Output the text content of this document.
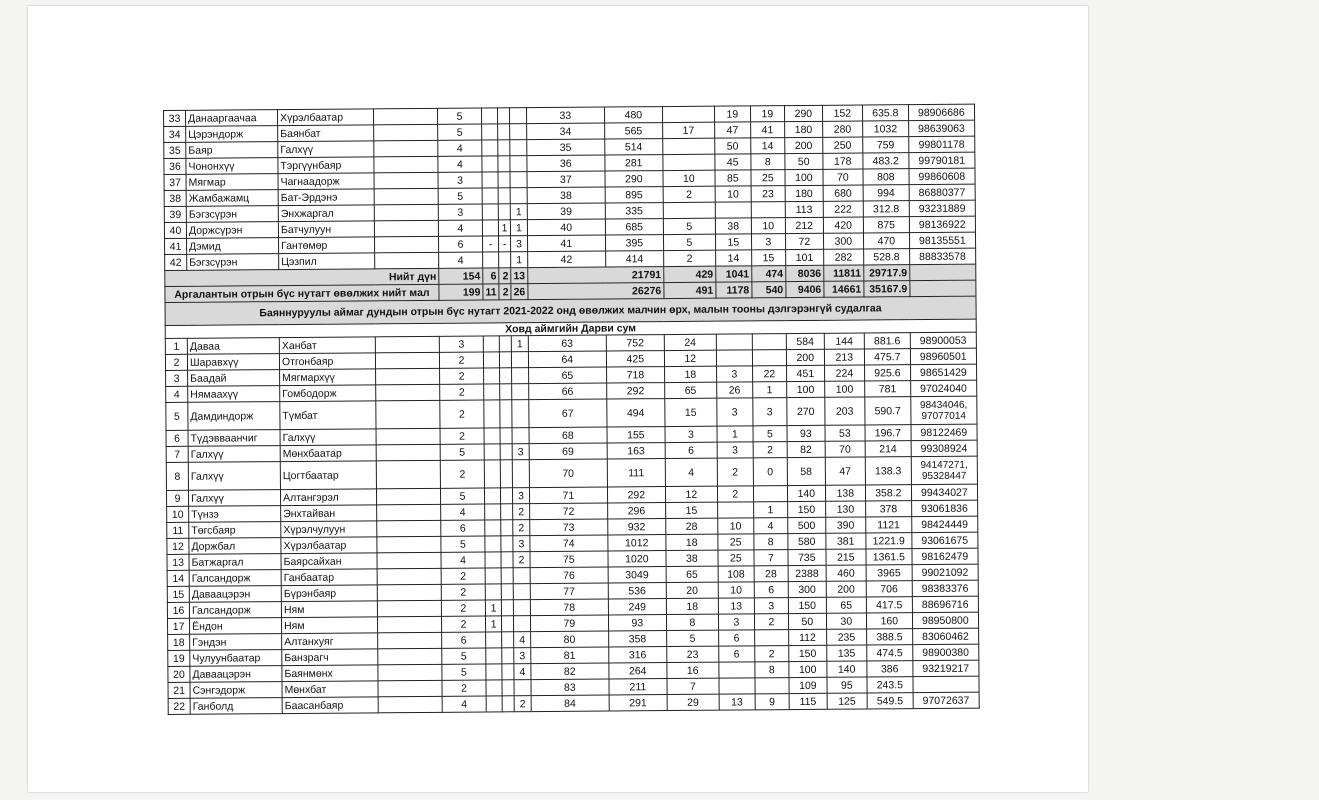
33	Данааргаачаа	Хүрэлбаатар		5				33	480		19	19	290	152	635.8	98906686
34	Цэрэндорж	Баянбат		5				34	565	17	47	41	180	280	1032	98639063
35	Баяр	Галхүү		4				35	514		50	14	200	250	759	99801178
36	Чононхүү	Тэргүүнбаяр		4				36	281		45	8	50	178	483.2	99790181
37	Мягмар	Чагнаадорж		3				37	290	10	85	25	100	70	808	99860608
38	Жамбажамц	Бат-Эрдэнэ		5				38	895	2	10	23	180	680	994	86880377
39	Бэгзсүрэн	Энхжаргал		3			1	39	335				113	222	312.8	93231889
40	Доржсүрэн	Батчулуун		4		1	1	40	685	5	38	10	212	420	875	98136922
41	Дэмид	Гантөмөр		6	-	-	3	41	395	5	15	3	72	300	470	98135551
42	Бэгзсүрэн	Цэзпил		4			1	42	414	2	14	15	101	282	528.8	88833578
Нийт дүн				154	6	2	13	21791		429	1041	474	8036	11811	29717.9	
Аргалантын отрын бүс нутагт өвөлжих нийт мал				199	11	2	26	26276		491	1178	540	9406	14661	35167.9	
Баяннуруулы аймаг дундын отрын бүс нутагт 2021-2022 онд өвөлжих малчин өрх, малын тооны дэлгэрэнгүй судалгаа																
Ховд аймгийн Дарви сум																
1	Даваа	Ханбат		3			1	63	752	24			584	144	881.6	98900053
2	Шаравхүү	Отгонбаяр		2				64	425	12			200	213	475.7	98960501
3	Баадай	Мягмархүү		2				65	718	18	3	22	451	224	925.6	98651429
4	Нямаахүү	Гомбодорж		2				66	292	65	26	1	100	100	781	97024040
5	Дамдиндорж	Түмбат		2				67	494	15	3	3	270	203	590.7	98434046, 97077014
6	Түдэвваанчиг	Галхүү		2				68	155	3	1	5	93	53	196.7	98122469
7	Галхүү	Мөнхбаатар		5			3	69	163	6	3	2	82	70	214	99308924
8	Галхүү	Цогтбаатар		2				70	111	4	2	0	58	47	138.3	94147271, 95328447
9	Галхүү	Алтангэрэл		5			3	71	292	12	2		140	138	358.2	99434027
10	Түнзэ	Энхтайван		4			2	72	296	15		1	150	130	378	93061836
11	Төгсбаяр	Хүрэлчулуун		6			2	73	932	28	10	4	500	390	1121	98424449
12	Доржбал	Хүрэлбаатар		5			3	74	1012	18	25	8	580	381	1221.9	93061675
13	Батжаргал	Баярсайхан		4			2	75	1020	38	25	7	735	215	1361.5	98162479
14	Галсандорж	Ганбаатар		2				76	3049	65	108	28	2388	460	3965	99021092
15	Даваацэрэн	Бүрэнбаяр		2				77	536	20	10	6	300	200	706	98383376
16	Галсандорж	Ням		2	1			78	249	18	13	3	150	65	417.5	88696716
17	Ёндон	Ням		2	1			79	93	8	3	2	50	30	160	98950800
18	Гэндэн	Алтанхуяг		6			4	80	358	5	6		112	235	388.5	83060462
19	Чулуунбаатар	Банзрагч		5			3	81	316	23	6	2	150	135	474.5	98900380
20	Даваацэрэн	Баянмөнх		5			4	82	264	16		8	100	140	386	93219217
21	Сэнгэдорж	Мөнхбат		2				83	211	7			109	95	243.5	
22	Ганболд	Баасанбаяр		4			2	84	291	29	13	9	115	125	549.5	97072637
